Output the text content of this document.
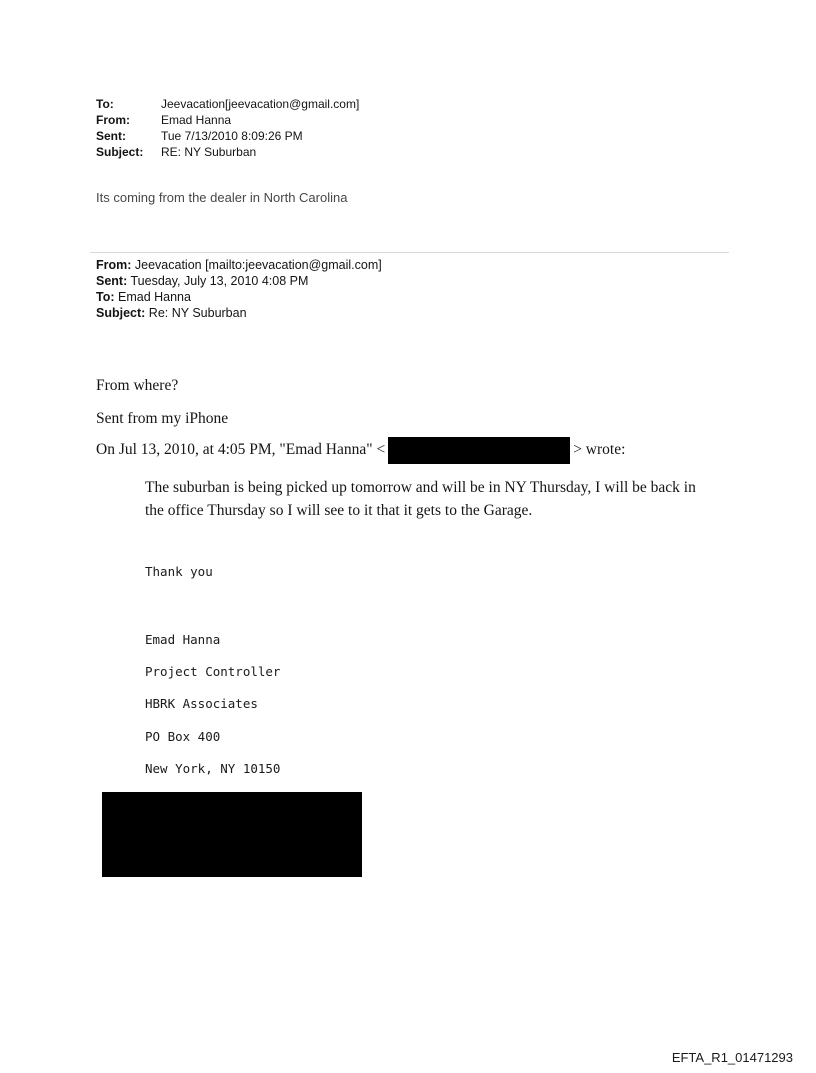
To:	Jeevacation[jeevacation@gmail.com]
From:	Emad Hanna
Sent:	Tue 7/13/2010 8:09:26 PM
Subject:	RE: NY Suburban
Its coming from the dealer in North Carolina
From: Jeevacation [mailto:jeevacation@gmail.com]
Sent: Tuesday, July 13, 2010 4:08 PM
To: Emad Hanna
Subject: Re: NY Suburban
From where?
Sent from my iPhone
On Jul 13, 2010, at 4:05 PM, "Emad Hanna" <	> wrote:
The suburban is being picked up tomorrow and will be in NY Thursday, I will be back in the office Thursday so I will see to it that it gets to the Garage.
Thank you
Emad Hanna
Project Controller
HBRK Associates
PO Box 400
New York, NY 10150
EFTA_R1_01471293
